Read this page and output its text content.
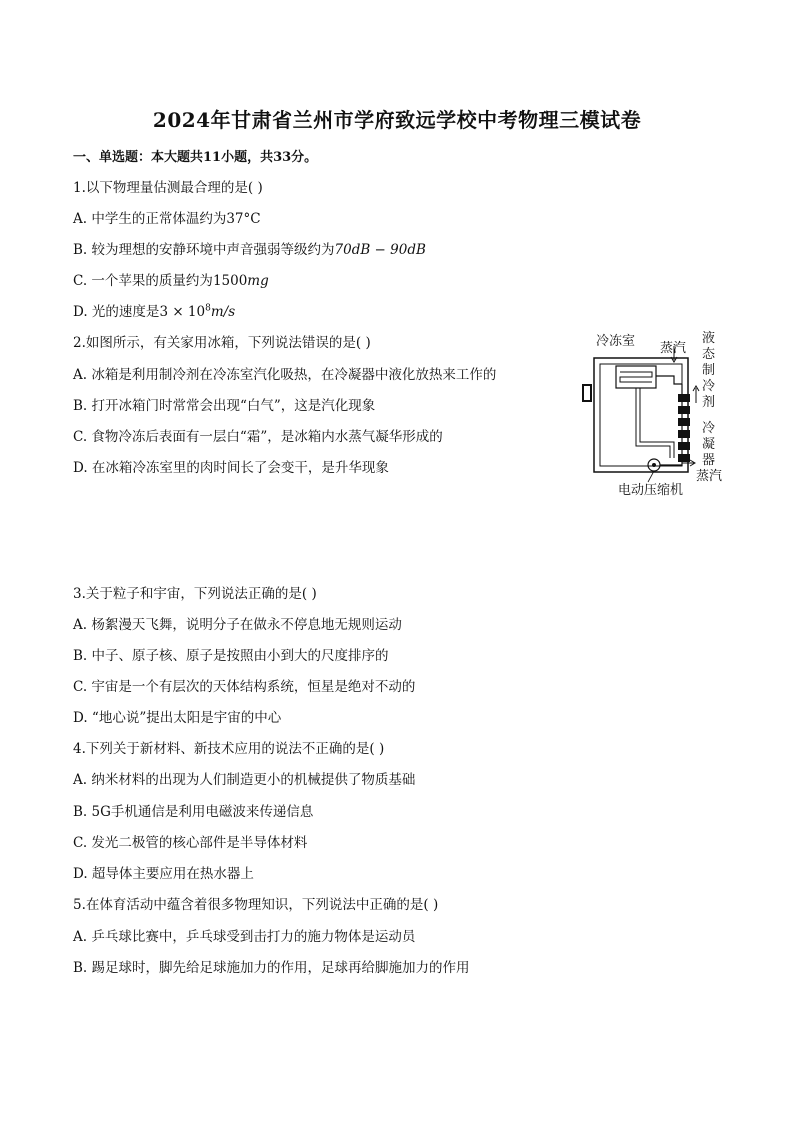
2024年甘肃省兰州市学府致远学校中考物理三模试卷
一、单选题：本大题共11小题，共33分。
1.以下物理量估测最合理的是( )
A. 中学生的正常体温约为37°C
B. 较为理想的安静环境中声音强弱等级约为70dB − 90dB
C. 一个苹果的质量约为1500mg
D. 光的速度是$3 \times 10^8m/s$
2.如图所示，有关家用冰箱，下列说法错误的是( )
A. 冰箱是利用制冷剂在冷冻室汽化吸热，在冷凝器中液化放热来工作的
B. 打开冰箱门时常常会出现“白气”，这是汽化现象
C. 食物冷冻后表面有一层白“霜”，是冰箱内水蒸气凝华形成的
D. 在冰箱冷冻室里的肉时间长了会变干，是升华现象
冷冻室 蒸汽
液
态
制
冷
剂
冷
凝
器
蒸汽
电动压缩机
3.关于粒子和宇宙，下列说法正确的是( )
A. 杨絮漫天飞舞，说明分子在做永不停息地无规则运动
B. 中子、原子核、原子是按照由小到大的尺度排序的
C. 宇宙是一个有层次的天体结构系统，恒星是绝对不动的
D. “地心说”提出太阳是宇宙的中心
4.下列关于新材料、新技术应用的说法不正确的是( )
A. 纳米材料的出现为人们制造更小的机械提供了物质基础
B. 5G手机通信是利用电磁波来传递信息
C. 发光二极管的核心部件是半导体材料
D. 超导体主要应用在热水器上
5.在体育活动中蕴含着很多物理知识，下列说法中正确的是( )
A. 乒乓球比赛中，乒乓球受到击打力的施力物体是运动员
B. 踢足球时，脚先给足球施加力的作用，足球再给脚施加力的作用
